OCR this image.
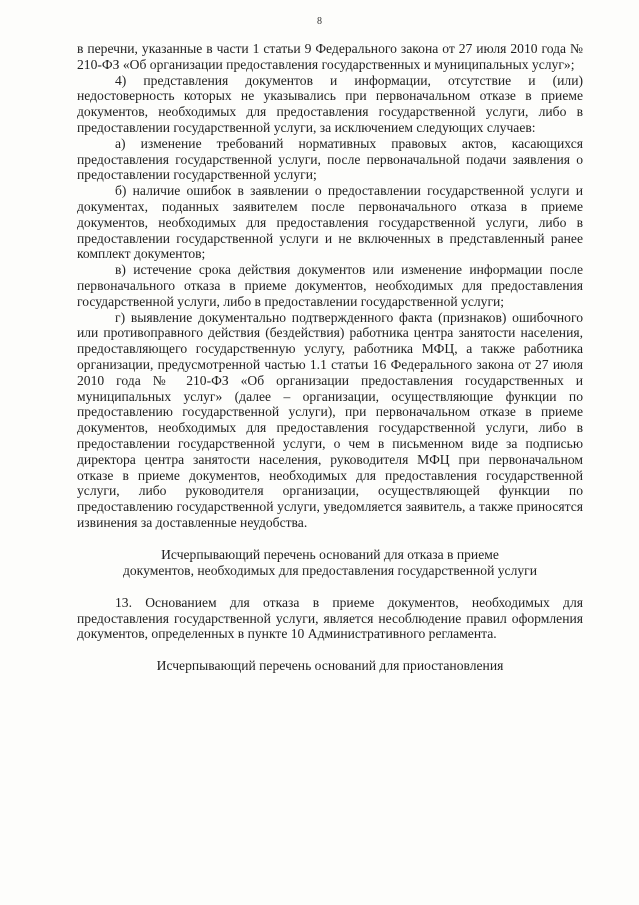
8

в перечни, указанные в части 1 статьи 9 Федерального закона от 27 июля 2010 года № 210-ФЗ «Об организации предоставления государственных и муниципальных услуг»;

4) представления документов и информации, отсутствие и (или) недостоверность которых не указывались при первоначальном отказе в приеме документов, необходимых для предоставления государственной услуги, либо в предоставлении государственной услуги, за исключением следующих случаев:

а) изменение требований нормативных правовых актов, касающихся предоставления государственной услуги, после первоначальной подачи заявления о предоставлении государственной услуги;

б) наличие ошибок в заявлении о предоставлении государственной услуги и документах, поданных заявителем после первоначального отказа в приеме документов, необходимых для предоставления государственной услуги, либо в предоставлении государственной услуги и не включенных в представленный ранее комплект документов;

в) истечение срока действия документов или изменение информации после первоначального отказа в приеме документов, необходимых для предоставления государственной услуги, либо в предоставлении государственной услуги;

г) выявление документально подтвержденного факта (признаков) ошибочного или противоправного действия (бездействия) работника центра занятости населения, предоставляющего государственную услугу, работника МФЦ, а также работника организации, предусмотренной частью 1.1 статьи 16 Федерального закона от 27 июля 2010 года № 210-ФЗ «Об организации предоставления государственных и муниципальных услуг» (далее – организации, осуществляющие функции по предоставлению государственной услуги), при первоначальном отказе в приеме документов, необходимых для предоставления государственной услуги, либо в предоставлении государственной услуги, о чем в письменном виде за подписью директора центра занятости населения, руководителя МФЦ при первоначальном отказе в приеме документов, необходимых для предоставления государственной услуги, либо руководителя организации, осуществляющей функции по предоставлению государственной услуги, уведомляется заявитель, а также приносятся извинения за доставленные неудобства.

Исчерпывающий перечень оснований для отказа в приеме
документов, необходимых для предоставления государственной услуги

13. Основанием для отказа в приеме документов, необходимых для предоставления государственной услуги, является несоблюдение правил оформления документов, определенных в пункте 10 Административного регламента.

Исчерпывающий перечень оснований для приостановления
